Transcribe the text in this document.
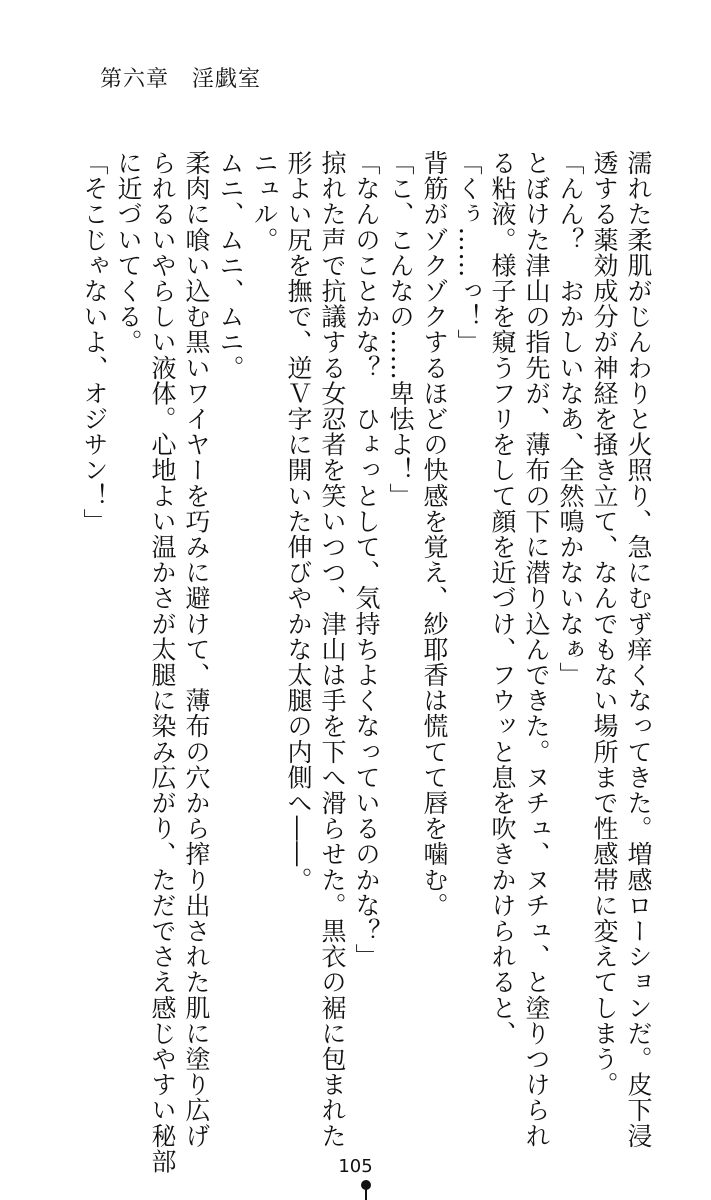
第六章　淫戯室
濡れた柔肌がじんわりと火照り、急にむず痒くなってきた。増感ローションだ。皮下浸
透する薬効成分が神経を掻き立て、なんでもない場所まで性感帯に変えてしまう。
「んん？　おかしいなあ、全然鳴かないなぁ」
とぼけた津山の指先が、薄布の下に潜り込んできた。ヌチュ、ヌチュ、と塗りつけられ
る粘液。様子を窺うフリをして顔を近づけ、フウッと息を吹きかけられると、
「くぅ……っ！」
背筋がゾクゾクするほどの快感を覚え、紗耶香は慌てて唇を噛む。
「こ、こんなの……卑怯よ！」
「なんのことかな？　ひょっとして、気持ちよくなっているのかな？」
掠れた声で抗議する女忍者を笑いつつ、津山は手を下へ滑らせた。黒衣の裾に包まれた
形よい尻を撫で、逆Ｖ字に開いた伸びやかな太腿の内側へ――。
ニュル。
ムニ、ムニ、ムニ。
柔肉に喰い込む黒いワイヤーを巧みに避けて、薄布の穴から搾り出された肌に塗り広げ
られるいやらしい液体。心地よい温かさが太腿に染み広がり、ただでさえ感じやすい秘部
に近づいてくる。
「そこじゃないよ、オジサン！」
105
